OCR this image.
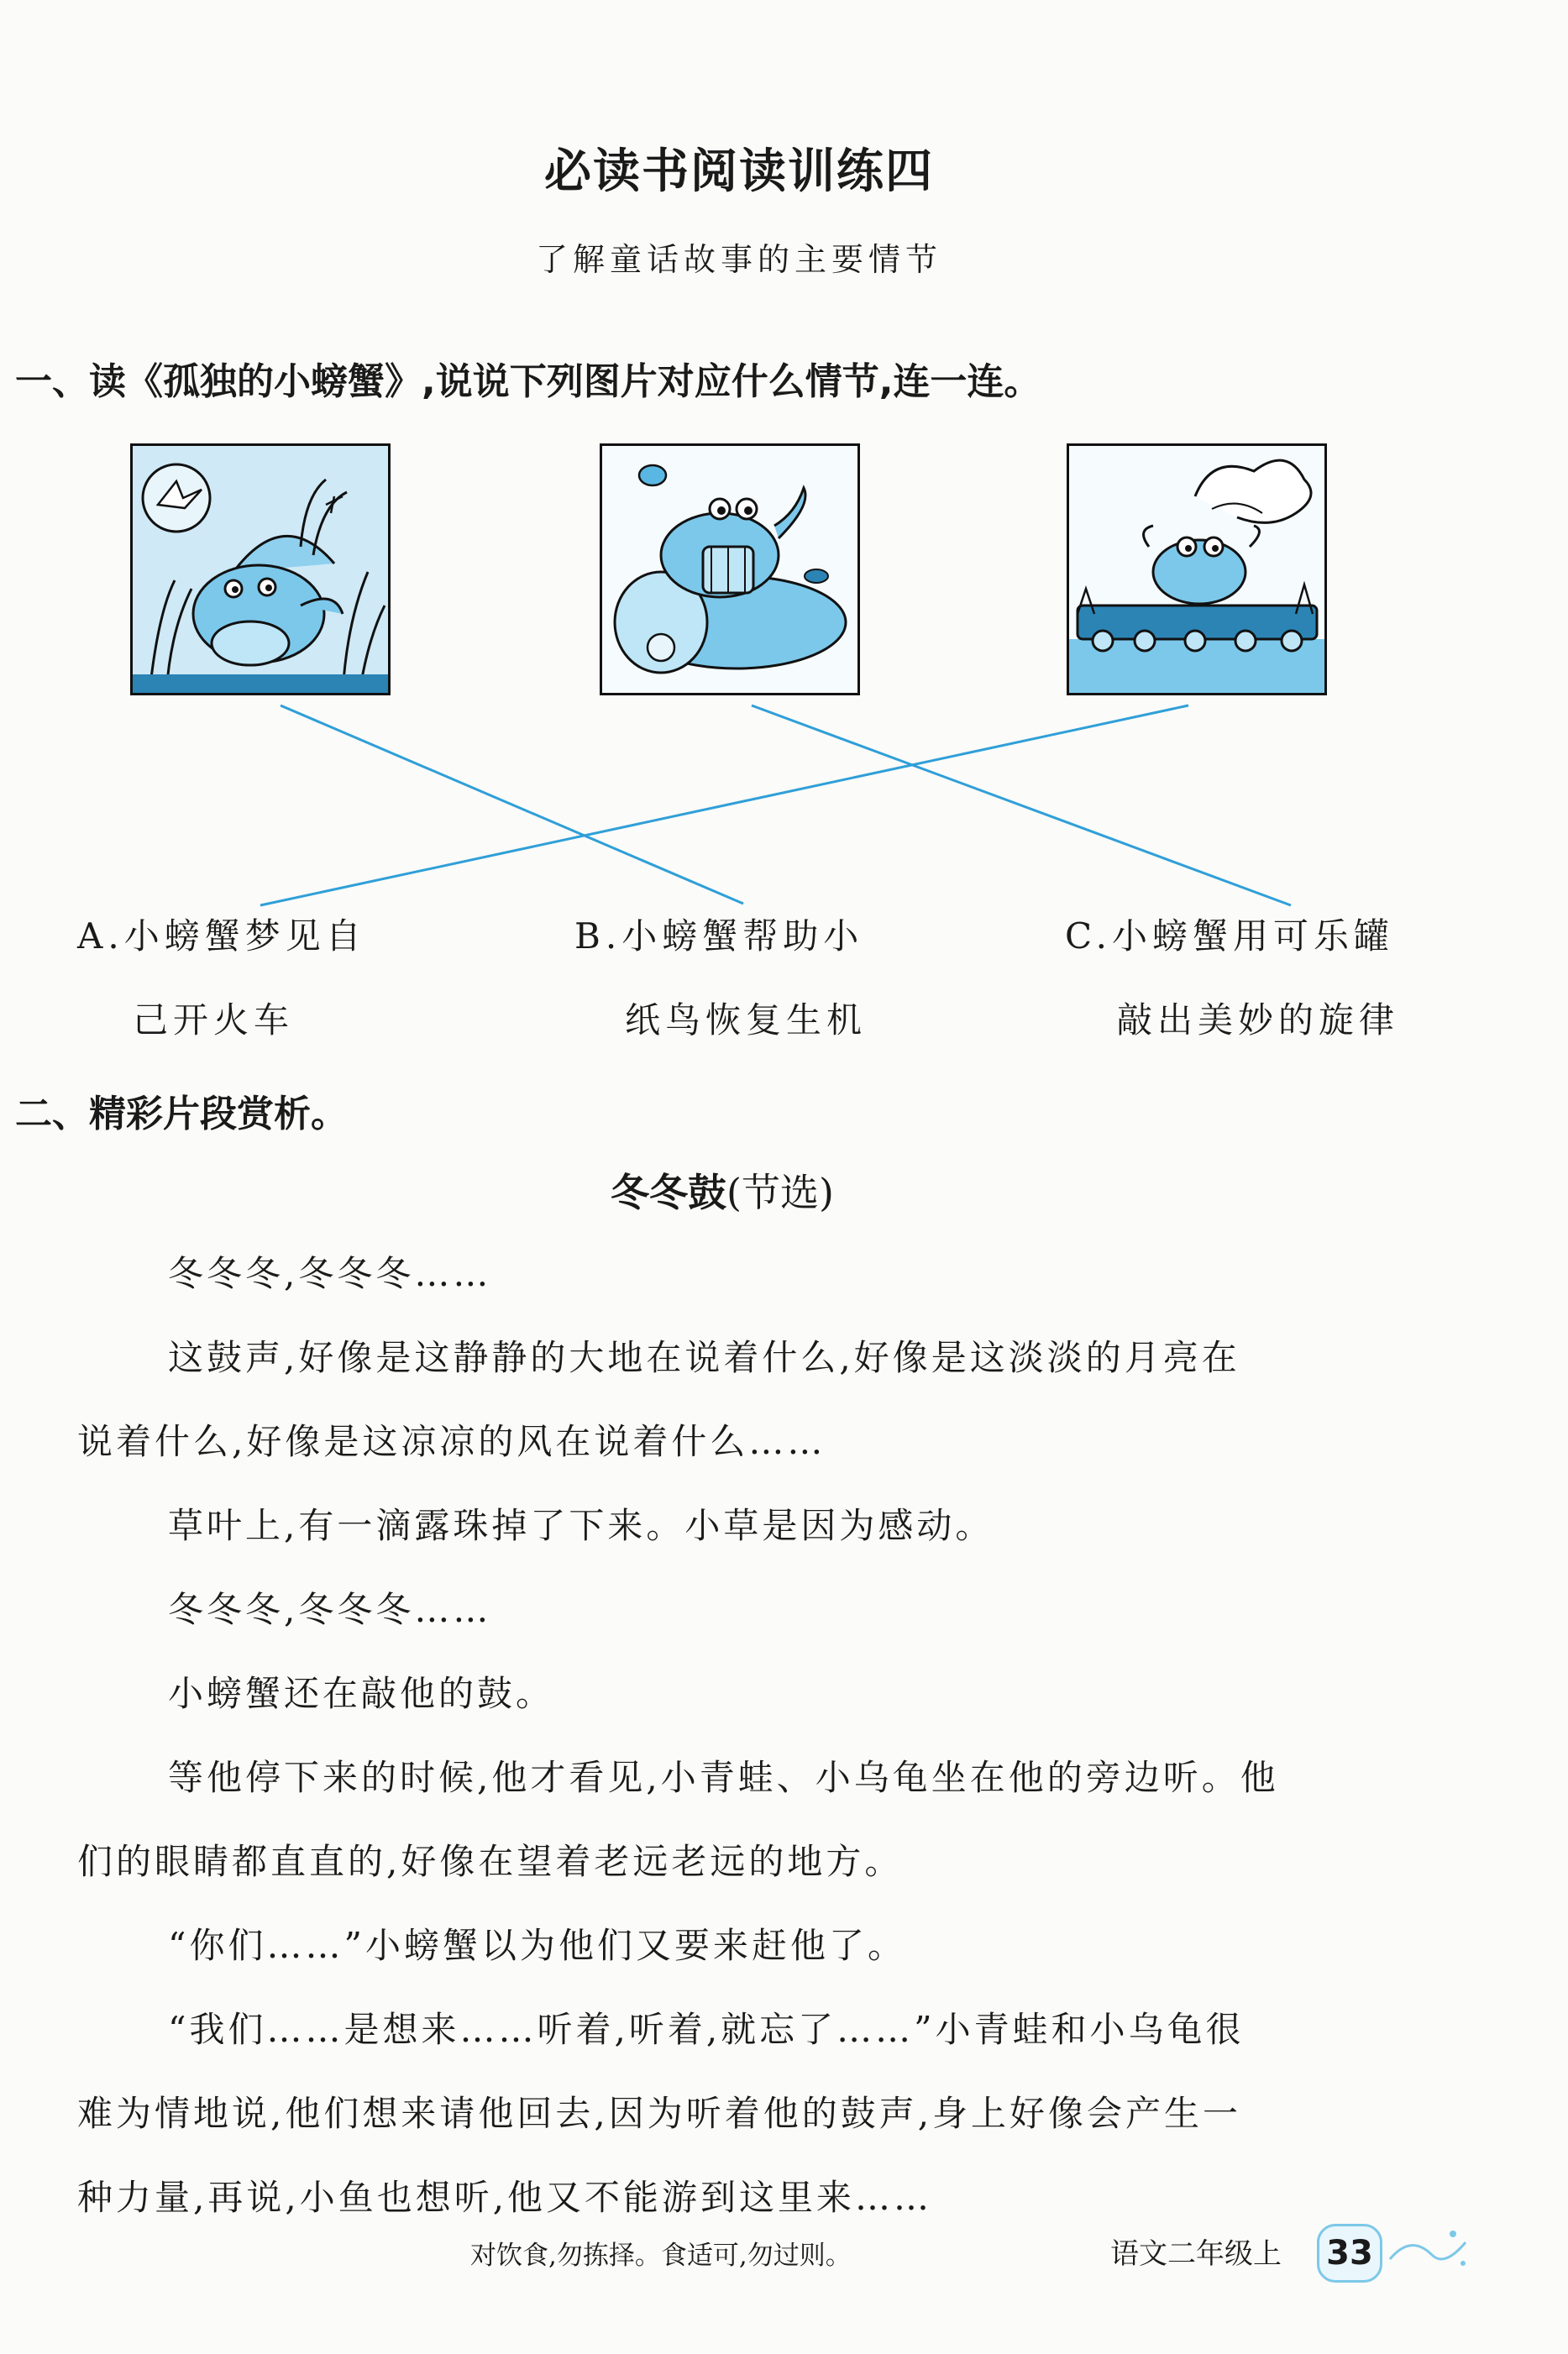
必读书阅读训练四
了解童话故事的主要情节
一、读《孤独的小螃蟹》,说说下列图片对应什么情节,连一连。
A.小螃蟹梦见自
己开火车
B.小螃蟹帮助小
纸鸟恢复生机
C.小螃蟹用可乐罐
敲出美妙的旋律
二、精彩片段赏析。
冬冬鼓(节选)
冬冬冬,冬冬冬……
这鼓声,好像是这静静的大地在说着什么,好像是这淡淡的月亮在
说着什么,好像是这凉凉的风在说着什么……
草叶上,有一滴露珠掉了下来。小草是因为感动。
冬冬冬,冬冬冬……
小螃蟹还在敲他的鼓。
等他停下来的时候,他才看见,小青蛙、小乌龟坐在他的旁边听。他
们的眼睛都直直的,好像在望着老远老远的地方。
“你们……”小螃蟹以为他们又要来赶他了。
“我们……是想来……听着,听着,就忘了……”小青蛙和小乌龟很
难为情地说,他们想来请他回去,因为听着他的鼓声,身上好像会产生一
种力量,再说,小鱼也想听,他又不能游到这里来……
对饮食,勿拣择。食适可,勿过则。	语文二年级上 33
